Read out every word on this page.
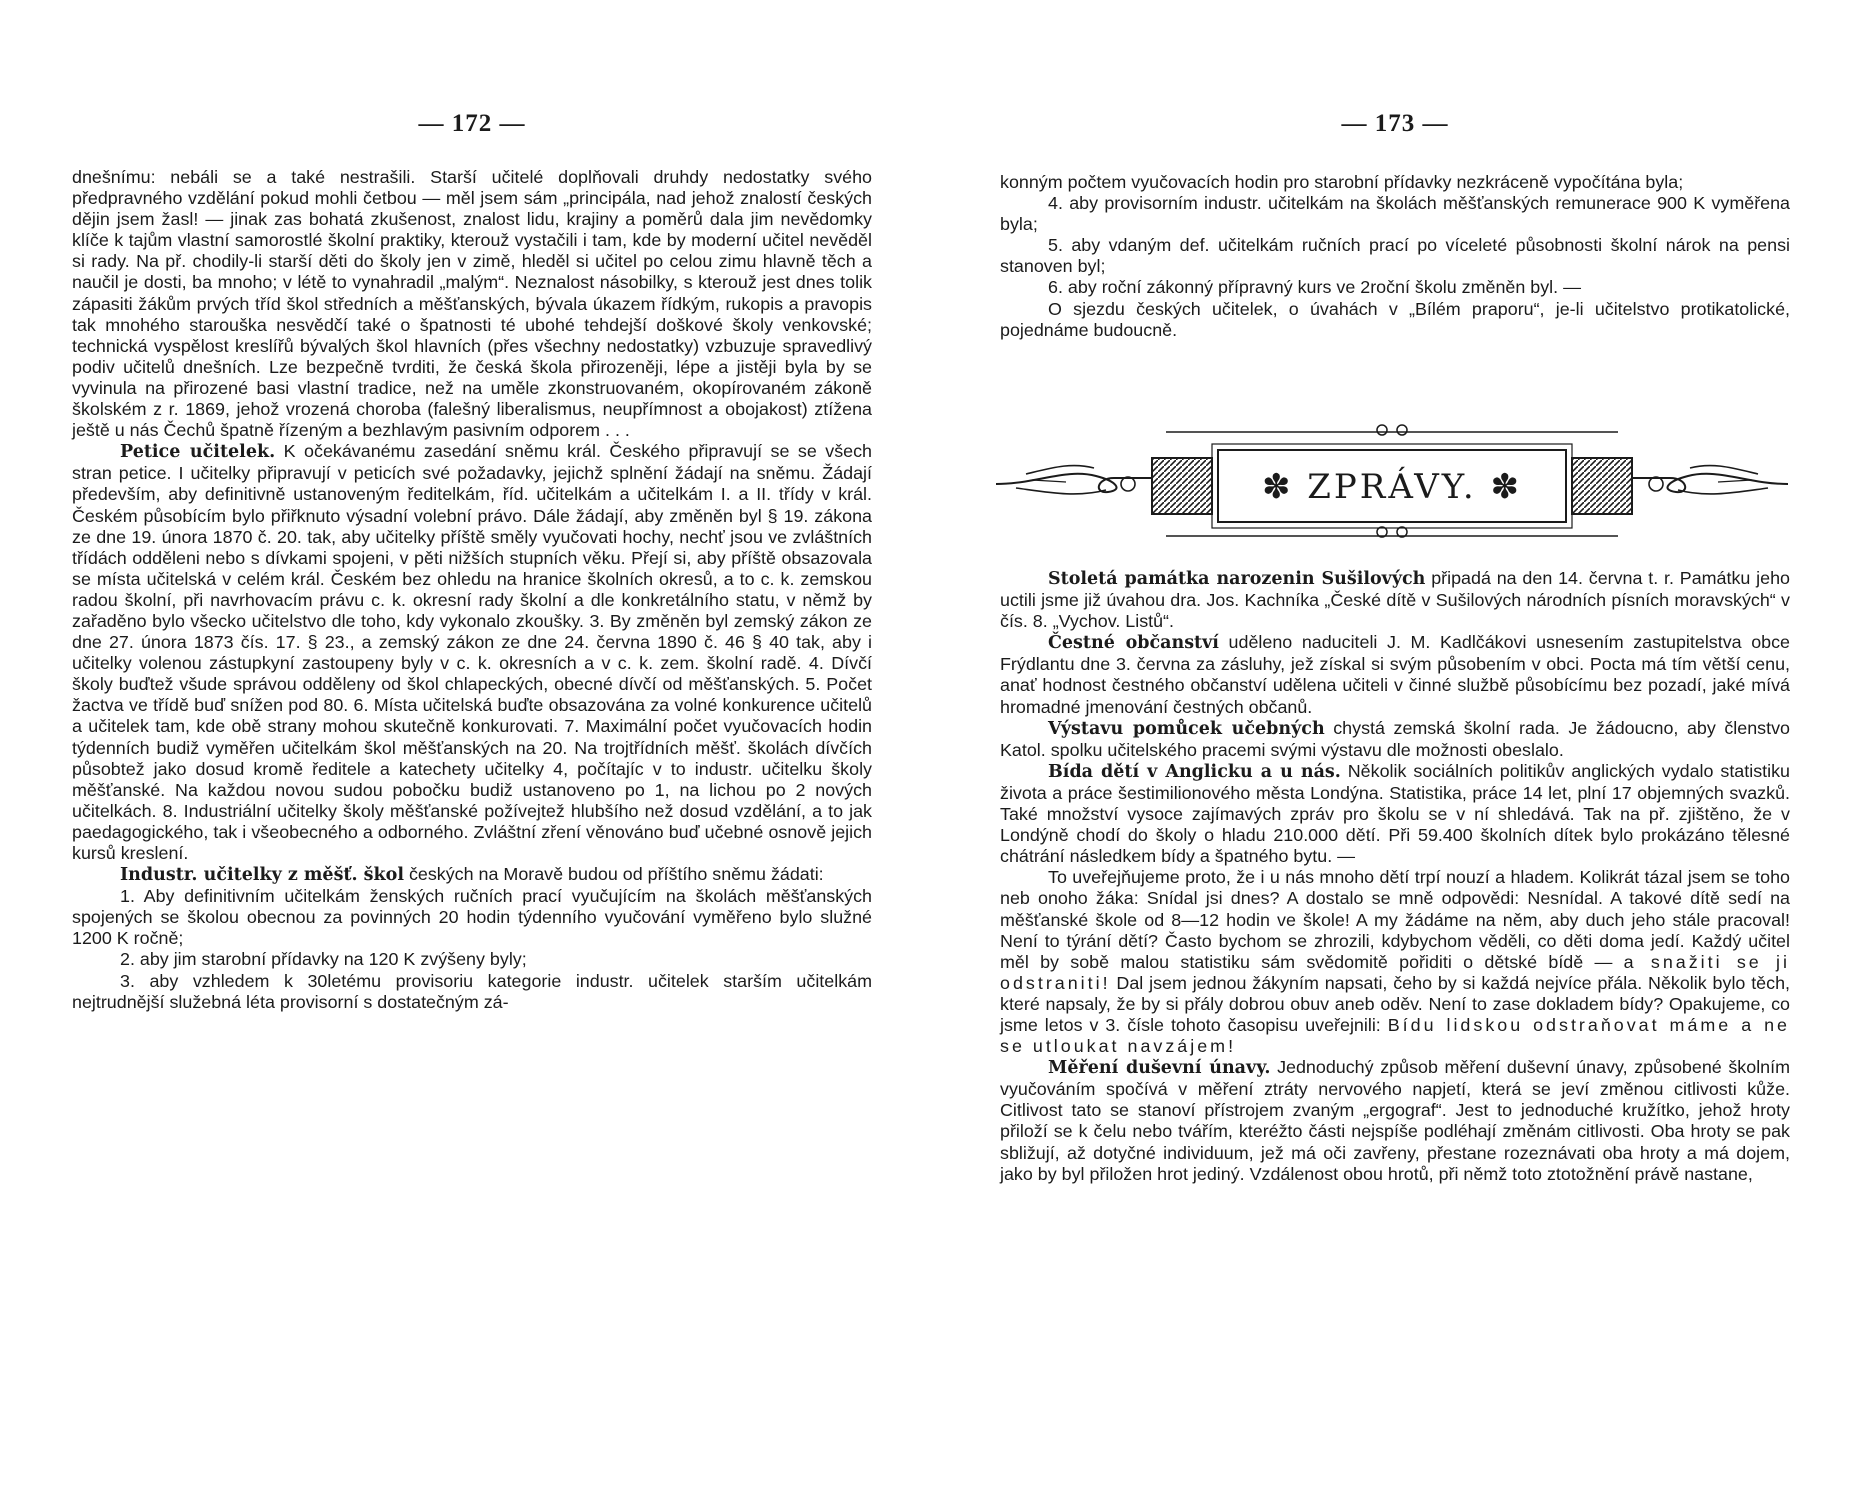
— 172 —

dnešnímu: nebáli se a také nestrašili. Starší učitelé doplňovali druhdy nedostatky svého předpravného vzdělání pokud mohli četbou — měl jsem sám „principála, nad jehož znalostí českých dějin jsem žasl! — jinak zas bohatá zkušenost, znalost lidu, krajiny a poměrů dala jim nevědomky klíče k tajům vlastní samorostlé školní praktiky, kterouž vystačili i tam, kde by moderní učitel nevěděl si rady. Na př. chodily-li starší děti do školy jen v zimě, hleděl si učitel po celou zimu hlavně těch a naučil je dosti, ba mnoho; v létě to vynahradil „malým“. Neznalost násobilky, s kterouž jest dnes tolik zápasiti žákům prvých tříd škol středních a měšťanských, bývala úkazem řídkým, rukopis a pravopis tak mnohého starouška nesvědčí také o špatnosti té ubohé tehdejší doškové školy venkovské; technická vyspělost kreslířů bývalých škol hlavních (přes všechny nedostatky) vzbuzuje spravedlivý podiv učitelů dnešních. Lze bezpečně tvrditi, že česká škola přirozeněji, lépe a jistěji byla by se vyvinula na přirozené basi vlastní tradice, než na uměle zkonstruovaném, okopírovaném zákoně školském z r. 1869, jehož vrozená choroba (falešný liberalismus, neupřímnost a obojakost) ztížena ještě u nás Čechů špatně řízeným a bezhlavým pasivním odporem . . .

Petice učitelek. K očekávanému zasedání sněmu král. Českého připravují se se všech stran petice. I učitelky připravují v peticích své požadavky, jejichž splnění žádají na sněmu. Žádají především, aby definitivně ustanoveným ředitelkám, říd. učitelkám a učitelkám I. a II. třídy v král. Českém působícím bylo přiřknuto výsadní volební právo. Dále žádají, aby změněn byl § 19. zákona ze dne 19. února 1870 č. 20. tak, aby učitelky příště směly vyučovati hochy, nechť jsou ve zvláštních třídách odděleni nebo s dívkami spojeni, v pěti nižších stupních věku. Přejí si, aby příště obsazovala se místa učitelská v celém král. Českém bez ohledu na hranice školních okresů, a to c. k. zemskou radou školní, při navrhovacím právu c. k. okresní rady školní a dle konkretálního statu, v němž by zařaděno bylo všecko učitelstvo dle toho, kdy vykonalo zkoušky. 3. By změněn byl zemský zákon ze dne 27. února 1873 čís. 17. § 23., a zemský zákon ze dne 24. června 1890 č. 46 § 40 tak, aby i učitelky volenou zástupkyní zastoupeny byly v c. k. okresních a v c. k. zem. školní radě. 4. Dívčí školy buďtež všude správou odděleny od škol chlapeckých, obecné dívčí od měšťanských. 5. Počet žactva ve třídě buď snížen pod 80. 6. Místa učitelská buďte obsazována za volné konkurence učitelů a učitelek tam, kde obě strany mohou skutečně konkurovati. 7. Maximální počet vyučovacích hodin týdenních budiž vyměřen učitelkám škol měšťanských na 20. Na trojtřídních měšť. školách dívčích působtež jako dosud kromě ředitele a katechety učitelky 4, počítajíc v to industr. učitelku školy měšťanské. Na každou novou sudou pobočku budiž ustanoveno po 1, na lichou po 2 nových učitelkách. 8. Industriální učitelky školy měšťanské požívejtež hlubšího než dosud vzdělání, a to jak paedagogického, tak i všeobecného a odborného. Zvláštní zření věnováno buď učebné osnově jejich kursů kreslení.

Industr. učitelky z měšť. škol českých na Moravě budou od příštího sněmu žádati:

1. Aby definitivním učitelkám ženských ručních prací vyučujícím na školách měšťanských spojených se školou obecnou za povinných 20 hodin týdenního vyučování vyměřeno bylo služné 1200 K ročně;

2. aby jim starobní přídavky na 120 K zvýšeny byly;

3. aby vzhledem k 30letému provisoriu kategorie industr. učitelek starším učitelkám nejtrudnější služebná léta provisorní s dostatečným zá-

— 173 —

konným počtem vyučovacích hodin pro starobní přídavky nezkráceně vypočítána byla;

4. aby provisorním industr. učitelkám na školách měšťanských remunerace 900 K vyměřena byla;

5. aby vdaným def. učitelkám ručních prací po víceleté působnosti školní nárok na pensi stanoven byl;

6. aby roční zákonný přípravný kurs ve 2roční školu změněn byl. —

O sjezdu českých učitelek, o úvahách v „Bílém praporu“, je-li učitelstvo protikatolické, pojednáme budoucně.

✽ ZPRÁVY. ✽

Stoletá památka narozenin Sušilových připadá na den 14. června t. r. Památku jeho uctili jsme již úvahou dra. Jos. Kachníka „České dítě v Sušilových národních písních moravských“ v čís. 8. „Vychov. Listů“.

Čestné občanství uděleno naduciteli J. M. Kadlčákovi usnesením zastupitelstva obce Frýdlantu dne 3. června za zásluhy, jež získal si svým působením v obci. Pocta má tím větší cenu, anať hodnost čestného občanství udělena učiteli v činné službě působícímu bez pozadí, jaké mívá hromadné jmenování čestných občanů.

Výstavu pomůcek učebných chystá zemská školní rada. Je žádoucno, aby členstvo Katol. spolku učitelského pracemi svými výstavu dle možnosti obeslalo.

Bída dětí v Anglicku a u nás. Několik sociálních politikův anglických vydalo statistiku života a práce šestimilionového města Londýna. Statistika, práce 14 let, plní 17 objemných svazků. Také množství vysoce zajímavých zpráv pro školu se v ní shledává. Tak na př. zjištěno, že v Londýně chodí do školy o hladu 210.000 dětí. Při 59.400 školních dítek bylo prokázáno tělesné chátrání následkem bídy a špatného bytu. —

To uveřejňujeme proto, že i u nás mnoho dětí trpí nouzí a hladem. Kolikrát tázal jsem se toho neb onoho žáka: Snídal jsi dnes? A dostalo se mně odpovědi: Nesnídal. A takové dítě sedí na měšťanské škole od 8—12 hodin ve škole! A my žádáme na něm, aby duch jeho stále pracoval! Není to týrání dětí? Často bychom se zhrozili, kdybychom věděli, co děti doma jedí. Každý učitel měl by sobě malou statistiku sám svědomitě pořiditi o dětské bídě — a snažiti se ji odstraniti! Dal jsem jednou žákyním napsati, čeho by si každá nejvíce přála. Několik bylo těch, které napsaly, že by si přály dobrou obuv aneb oděv. Není to zase dokladem bídy? Opakujeme, co jsme letos v 3. čísle tohoto časopisu uveřejnili: Bídu lidskou odstraňovat máme a ne se utloukat navzájem!

Měření duševní únavy. Jednoduchý způsob měření duševní únavy, způsobené školním vyučováním spočívá v měření ztráty nervového napjetí, která se jeví změnou citlivosti kůže. Citlivost tato se stanoví přístrojem zvaným „ergograf“. Jest to jednoduché kružítko, jehož hroty přiloží se k čelu nebo tvářím, kteréžto části nejspíše podléhají změnám citlivosti. Oba hroty se pak sbližují, až dotyčné individuum, jež má oči zavřeny, přestane rozeznávati oba hroty a má dojem, jako by byl přiložen hrot jediný. Vzdálenost obou hrotů, při němž toto ztotožnění právě nastane,
